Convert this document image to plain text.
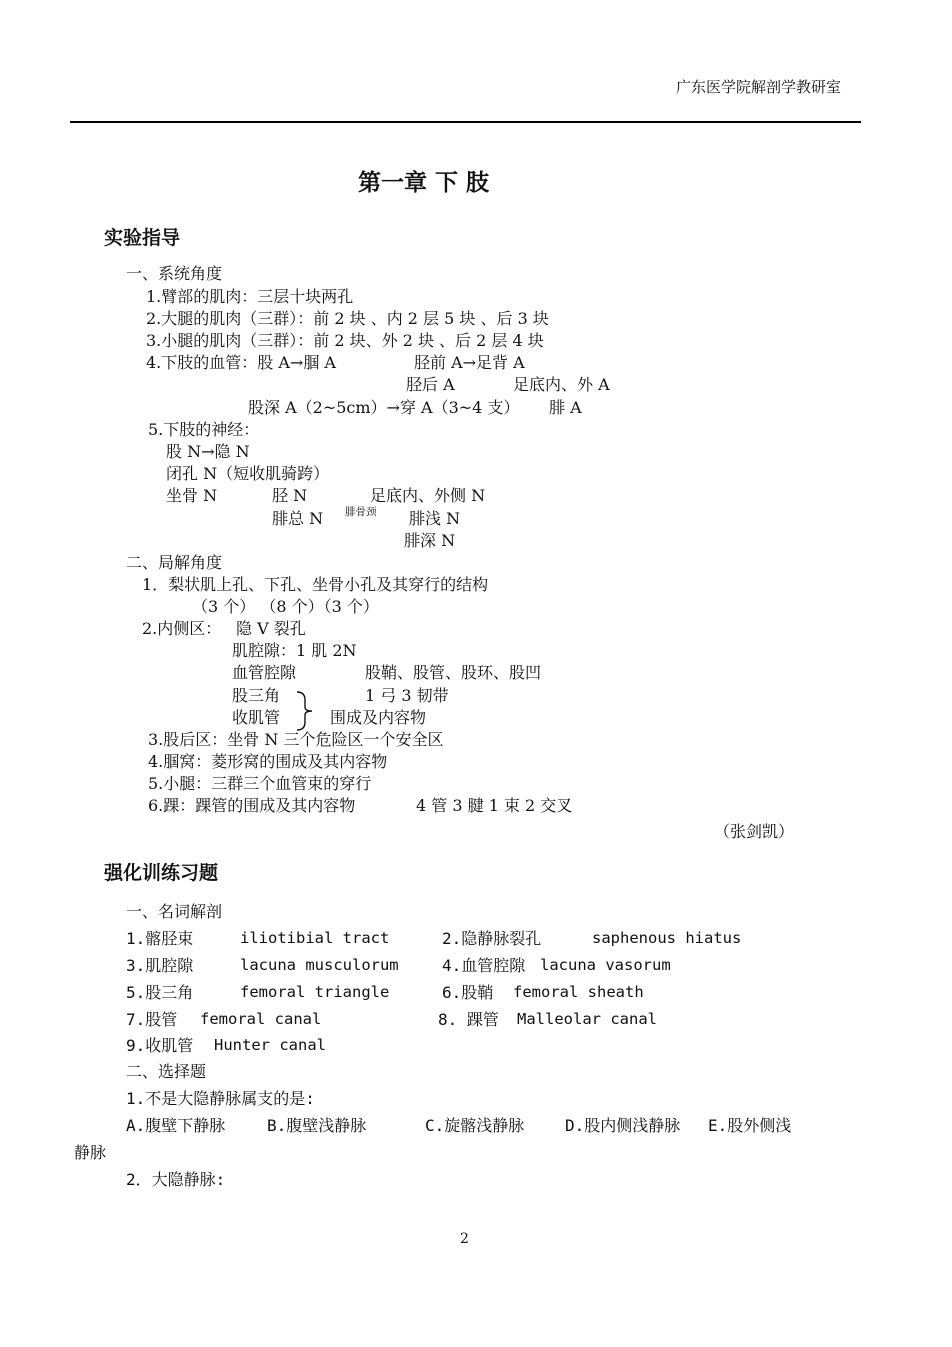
广东医学院解剖学教研室
第一章 下 肢
实验指导
一、系统角度
1.臂部的肌肉：三层十块两孔
2.大腿的肌肉（三群）：前 2 块 、内 2 层 5 块 、后 3 块
3.小腿的肌肉（三群）：前 2 块、外 2 块 、后 2 层 4 块
4.下肢的血管：股 A→腘 A	胫前 A→足背 A
胫后 A	足底内、外 A
股深 A（2~5cm）→穿 A（3~4 支） 腓 A
5.下肢的神经：
股 N→隐 N
闭孔 N（短收肌骑跨）
坐骨 N	胫 N	足底内、外侧 N
腓总 N 腓骨颈 腓浅 N
腓深 N
二、局解角度
1．梨状肌上孔、下孔、坐骨小孔及其穿行的结构
（3 个） （8 个）（3 个）
2.内侧区： 隐 V 裂孔
肌腔隙：1 肌 2N
血管腔隙	股鞘、股管、股环、股凹
股三角	1 弓 3 韧带
收肌管	围成及内容物
3.股后区：坐骨 N 三个危险区一个安全区
4.腘窝：菱形窝的围成及其内容物
5.小腿：三群三个血管束的穿行
6.踝：踝管的围成及其内容物	4 管 3 腱 1 束 2 交叉
（张剑凯）
强化训练习题
一、名词解剖
1.髂胫束	iliotibial tract	2.隐静脉裂孔	saphenous hiatus
3.肌腔隙	lacuna musculorum	4.血管腔隙 lacuna vasorum
5.股三角	femoral triangle	6.股鞘 femoral sheath
7.股管 femoral canal	8. 踝管 Malleolar canal
9.收肌管 Hunter canal
二、选择题
1.不是大隐静脉属支的是:
A.腹壁下静脉	B.腹壁浅静脉	C.旋髂浅静脉	D.股内侧浅静脉 E.股外侧浅
静脉
2．大隐静脉:
2
